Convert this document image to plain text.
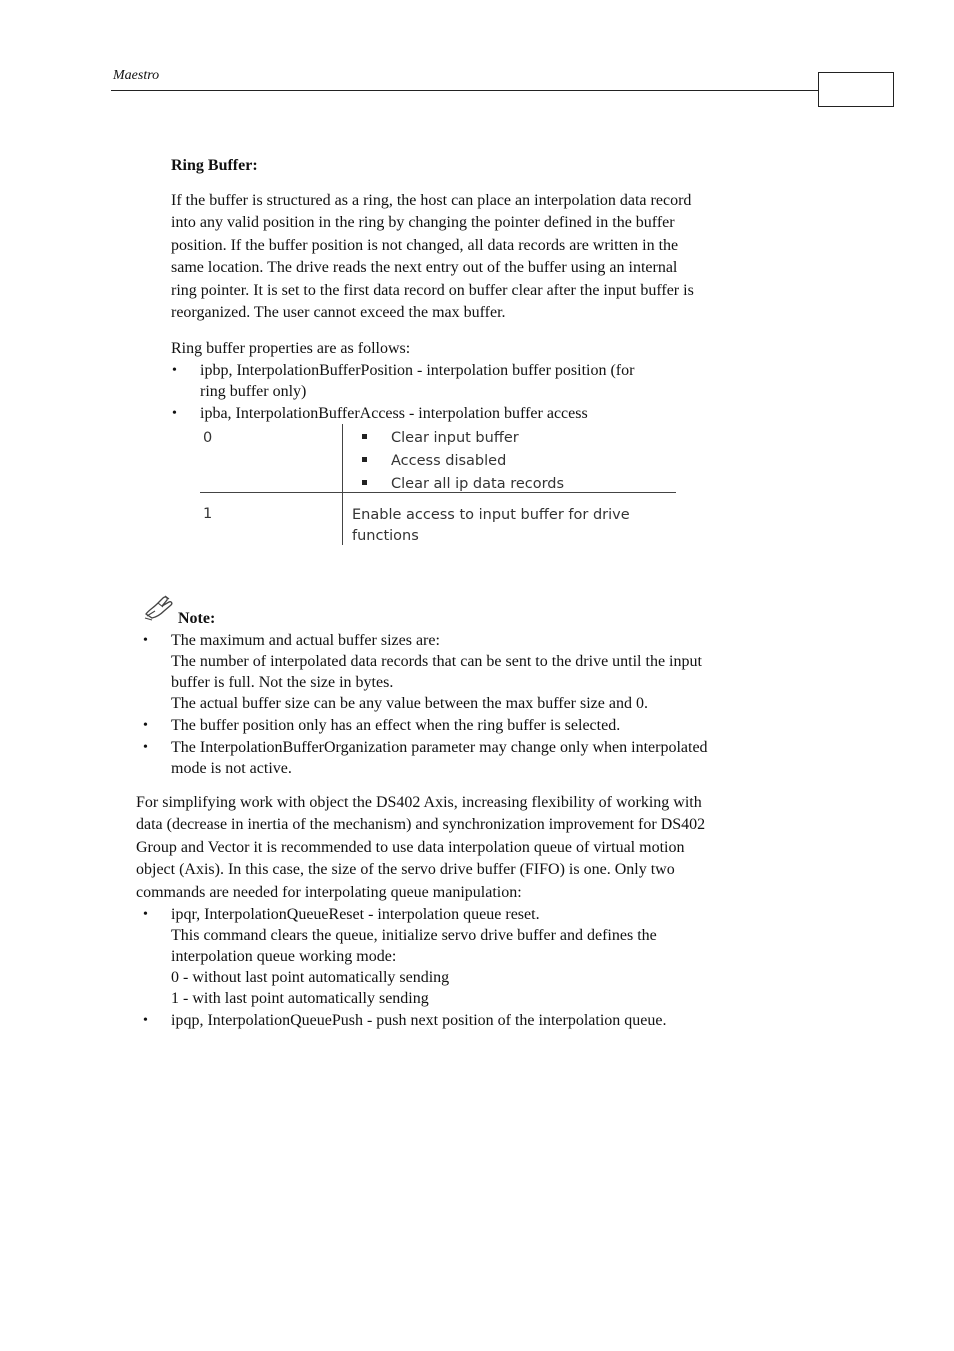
Maestro
Ring Buffer:
If the buffer is structured as a ring, the host can place an interpolation data record
into any valid position in the ring by changing the pointer defined in the buffer
position. If the buffer position is not changed, all data records are written in the
same location. The drive reads the next entry out of the buffer using an internal
ring pointer. It is set to the first data record on buffer clear after the input buffer is
reorganized. The user cannot exceed the max buffer.
Ring buffer properties are as follows:
• ipbp, InterpolationBufferPosition - interpolation buffer position (for
ring buffer only)
• ipba, InterpolationBufferAccess - interpolation buffer access
0	Clear input buffer
Access disabled
Clear all ip data records
1	Enable access to input buffer for drive
functions
Note:
• The maximum and actual buffer sizes are:
The number of interpolated data records that can be sent to the drive until the input
buffer is full. Not the size in bytes.
The actual buffer size can be any value between the max buffer size and 0.
• The buffer position only has an effect when the ring buffer is selected.
• The InterpolationBufferOrganization parameter may change only when interpolated
mode is not active.
For simplifying work with object the DS402 Axis, increasing flexibility of working with
data (decrease in inertia of the mechanism) and synchronization improvement for DS402
Group and Vector it is recommended to use data interpolation queue of virtual motion
object (Axis). In this case, the size of the servo drive buffer (FIFO) is one. Only two
commands are needed for interpolating queue manipulation:
• ipqr, InterpolationQueueReset - interpolation queue reset.
This command clears the queue, initialize servo drive buffer and defines the
interpolation queue working mode:
0 - without last point automatically sending
1 - with last point automatically sending
• ipqp, InterpolationQueuePush - push next position of the interpolation queue.
